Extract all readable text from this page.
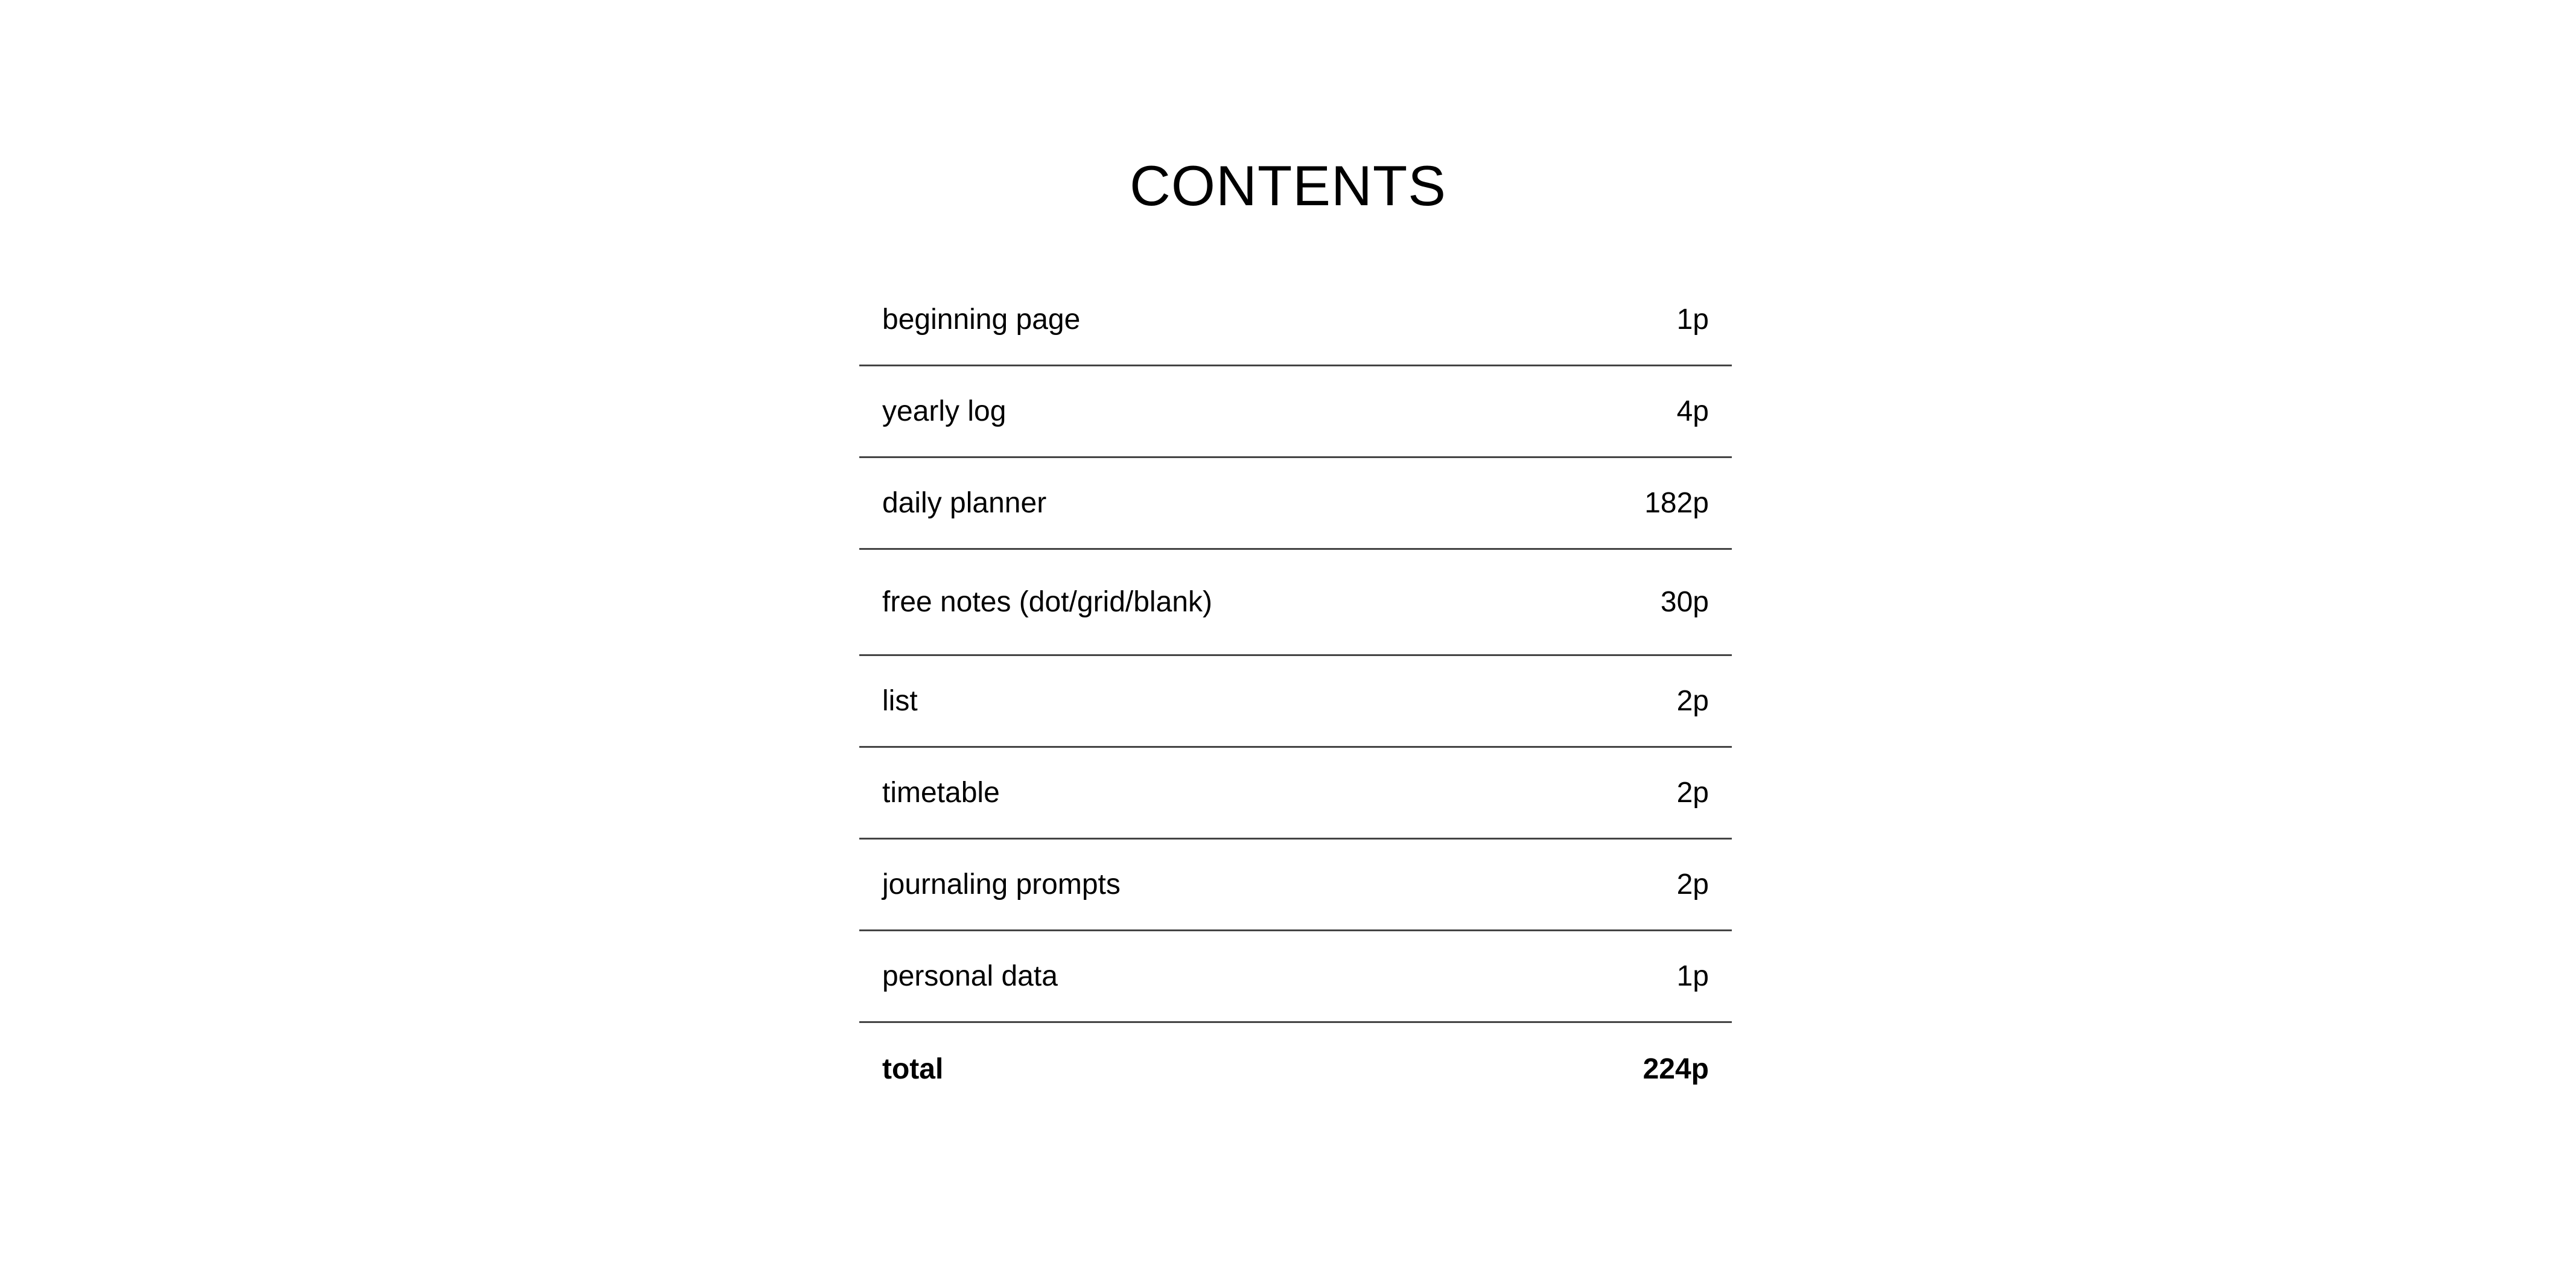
CONTENTS
beginning page	1p
yearly log	4p
daily planner	182p
free notes (dot/grid/blank)	30p
list	2p
timetable	2p
journaling prompts	2p
personal data	1p
total	224p
